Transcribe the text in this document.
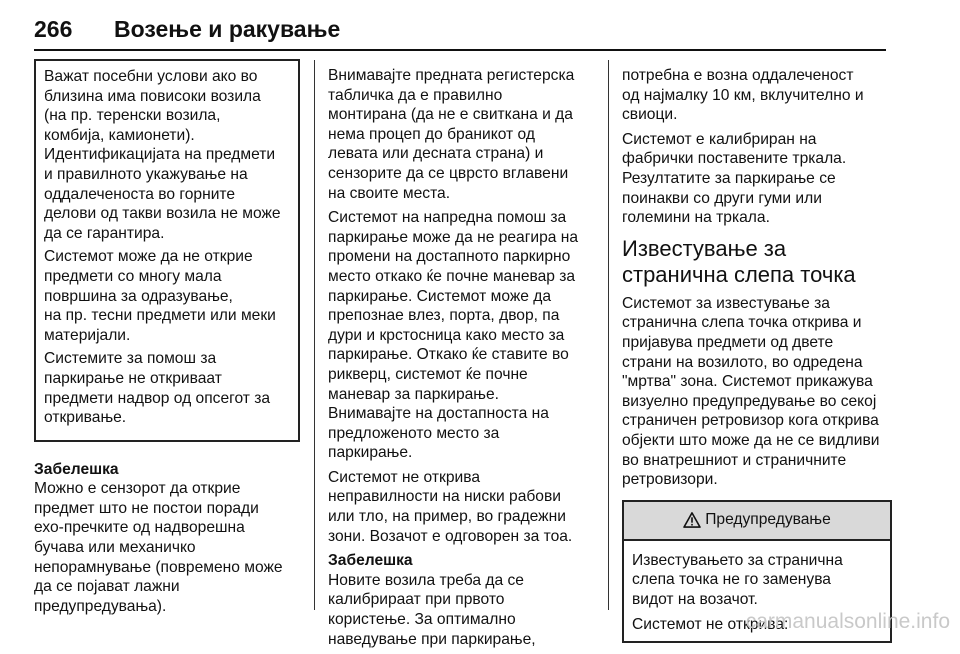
266 Возење и ракување

Важат посебни услови ако во
близина има повисоки возила
(на пр. теренски возила,
комбија, камионети).
Идентификацијата на предмети
и правилното укажување на
оддалеченоста во горните
делови од такви возила не може
да се гарантира.

Системот може да не открие
предмети со многу мала
површина за одразување,
на пр. тесни предмети или меки
материјали.

Системите за помош за
паркирање не откриваат
предмети надвор од опсегот за
откривање.

Забелешка

Можно е сензорот да открие
предмет што не постои поради
ехо-пречките од надворешна
бучава или механичко
непорамнување (повремено може
да се појават лажни
предупредувања).

Внимавајте предната регистерска
табличка да е правилно
монтирана (да не е свиткана и да
нема процеп до браникот од
левата или десната страна) и
сензорите да се цврсто вглавени
на своите места.

Системот на напредна помош за
паркирање може да не реагира на
промени на достапното паркирно
место откако ќе почне маневар за
паркирање. Системот може да
препознае влез, порта, двор, па
дури и крстосница како место за
паркирање. Откако ќе ставите во
рикверц, системот ќе почне
маневар за паркирање.
Внимавајте на достапноста на
предложеното место за
паркирање.

Системот не открива
неправилности на ниски рабови
или тло, на пример, во градежни
зони. Возачот е одговорен за тоа.

Забелешка

Новите возила треба да се
калибрираат при првото
користење. За оптимално
наведување при паркирање,

потребна е возна оддалеченост
од најмалку 10 км, вклучително и
свиоци.

Системот е калибриран на
фабрички поставените тркала.
Резултатите за паркирање се
поинакви со други гуми или
големини на тркала.

Известување за
странична слепа точка

Системот за известување за
странична слепа точка открива и
пријавува предмети од двете
страни на возилото, во одредена
"мртва" зона. Системот прикажува
визуелно предупредување во секој
страничен ретровизор кога открива
објекти што може да не се видливи
во внатрешниот и страничните
ретровизори.

Предупредување

Известувањето за странична
слепа точка не го заменува
видот на возачот.

Системот не открива:

carmanualsonline.info
